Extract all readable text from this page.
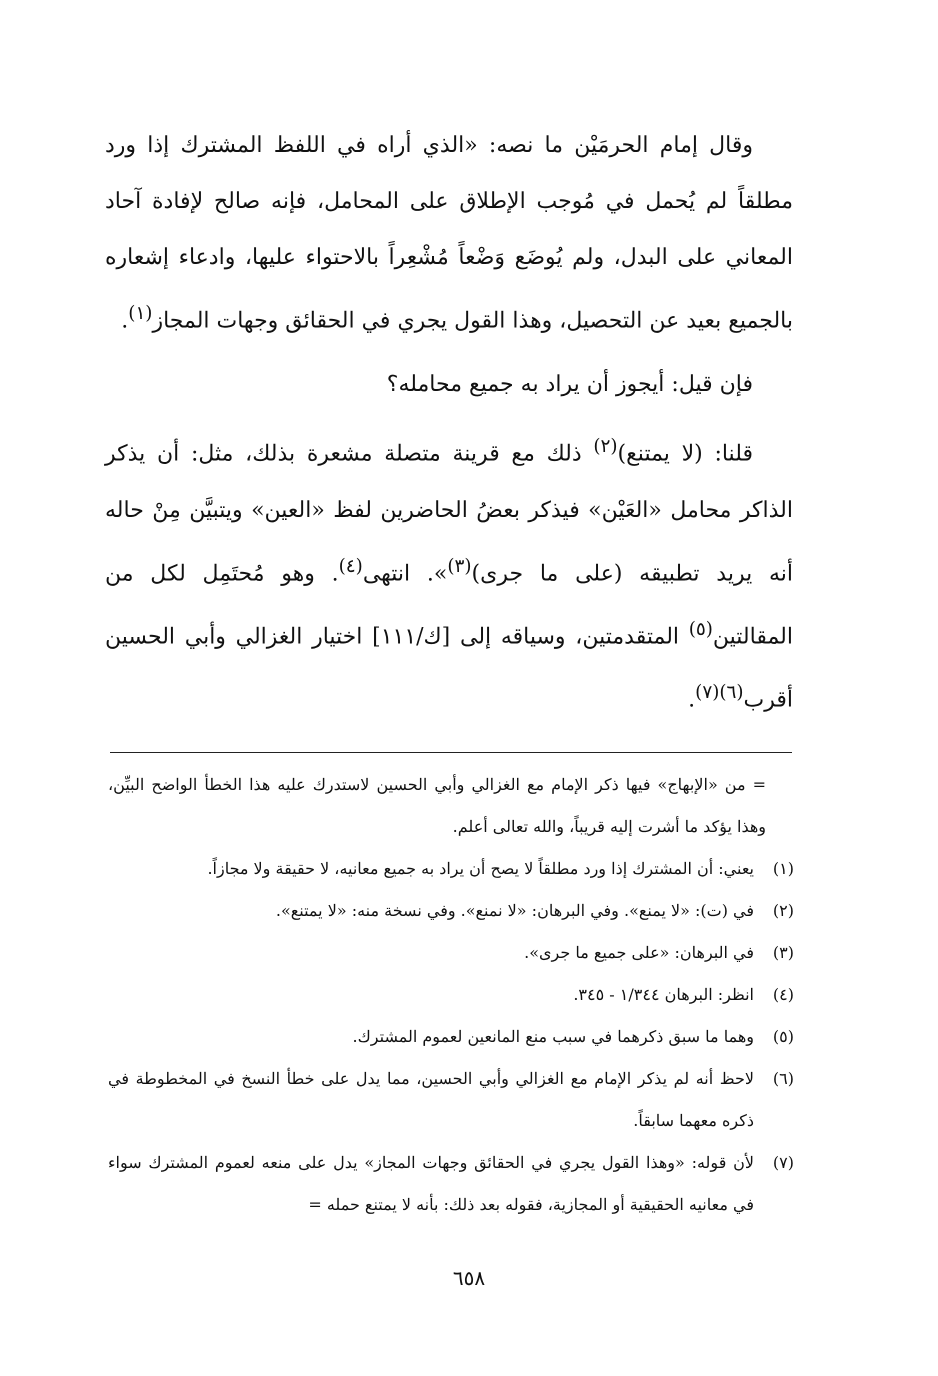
وقال إمام الحرمَيْن ما نصه: «الذي أراه في اللفظ المشترك إذا ورد مطلقاً لم يُحمل في مُوجب الإطلاق على المحامل، فإنه صالح لإفادة آحاد المعاني على البدل، ولم يُوضَع وَضْعاً مُشْعِراً بالاحتواء عليها، وادعاء إشعاره بالجميع بعيد عن التحصيل، وهذا القول يجري في الحقائق وجهات المجاز$^{(١)}$.

فإن قيل: أيجوز أن يراد به جميع محامله؟

قلنا: (لا يمتنع)$^{(٢)}$ ذلك مع قرينة متصلة مشعرة بذلك، مثل: أن يذكر الذاكر محامل «العَيْن» فيذكر بعضُ الحاضرين لفظ «العين» ويتبيَّن مِنْ حاله أنه يريد تطبيقه (على ما جرى)$^{(٣)}$». انتهى$^{(٤)}$. وهو مُحتَمِل لكل من المقالتين$^{(٥)}$ المتقدمتين، وسياقه إلى [ك/١١١] اختيار الغزالي وأبي الحسين أقرب$^{(٦)(٧)}$.

= من «الإبهاج» فيها ذكر الإمام مع الغزالي وأبي الحسين لاستدرك عليه هذا الخطأ الواضح البيِّن، وهذا يؤكد ما أشرت إليه قريباً، والله تعالى أعلم.

(١)يعني: أن المشترك إذا ورد مطلقاً لا يصح أن يراد به جميع معانيه، لا حقيقة ولا مجازاً.

(٢)في (ت): «لا يمنع». وفي البرهان: «لا نمنع». وفي نسخة منه: «لا يمتنع».

(٣)في البرهان: «على جميع ما جرى».

(٤)انظر: البرهان ١/٣٤٤ - ٣٤٥.

(٥)وهما ما سبق ذكرهما في سبب منع المانعين لعموم المشترك.

(٦)لاحظ أنه لم يذكر الإمام مع الغزالي وأبي الحسين، مما يدل على خطأ النسخ في المخطوطة في ذكره معهما سابقاً.

(٧)لأن قوله: «وهذا القول يجري في الحقائق وجهات المجاز» يدل على منعه لعموم المشترك سواء في معانيه الحقيقية أو المجازية، فقوله بعد ذلك: بأنه لا يمتنع حمله =

٦٥٨
